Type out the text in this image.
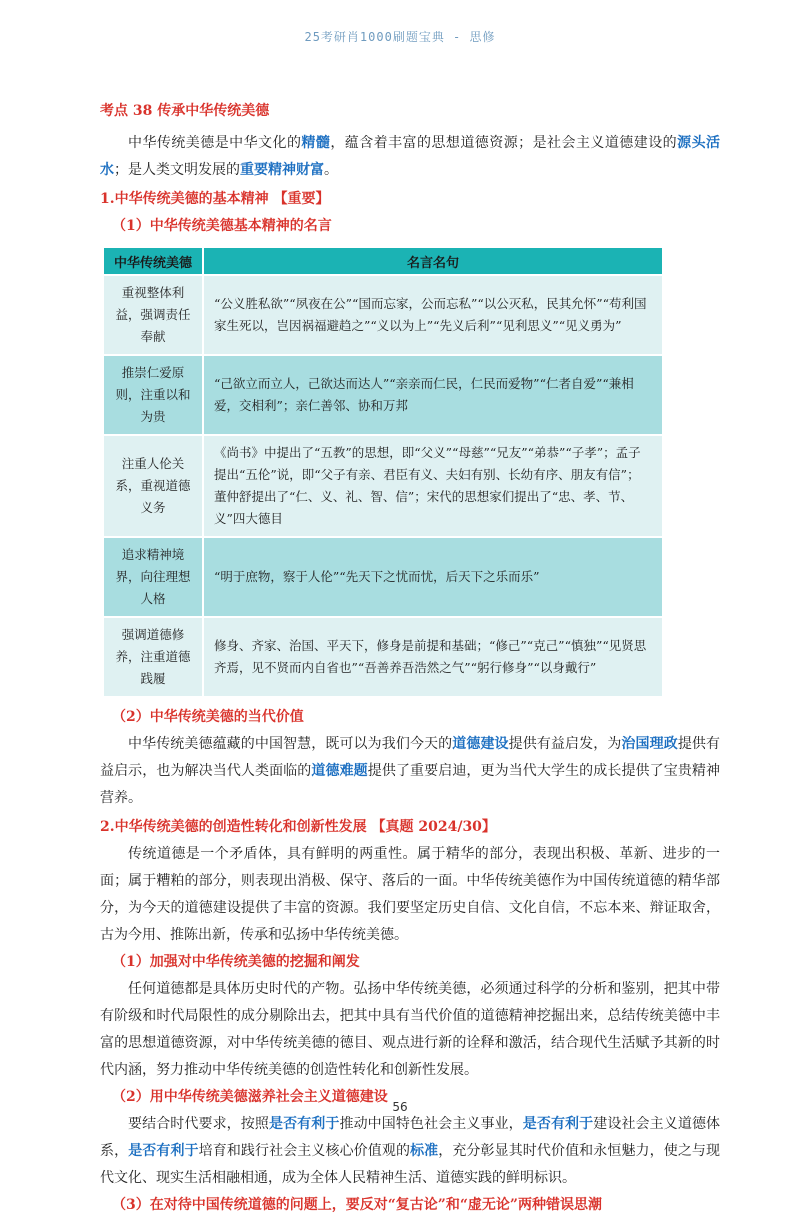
25考研肖1000刷题宝典 - 思修
考点 38 传承中华传统美德

中华传统美德是中华文化的精髓，蕴含着丰富的思想道德资源；是社会主义道德建设的源头活水；是人类文明发展的重要精神财富。

1.中华传统美德的基本精神 【重要】
（1）中华传统美德基本精神的名言
中华传统美德	名言名句
重视整体利益，强调责任奉献	“公义胜私欲”“夙夜在公”“国而忘家，公而忘私”“以公灭私，民其允怀”“苟利国家生死以，岂因祸福避趋之”“义以为上”“先义后利”“见利思义”“见义勇为”
推崇仁爱原则，注重以和为贵	“己欲立而立人，己欲达而达人”“亲亲而仁民，仁民而爱物”“仁者自爱”“兼相爱，交相利”；亲仁善邻、协和万邦
注重人伦关系，重视道德义务	《尚书》中提出了“五教”的思想，即“父义”“母慈”“兄友”“弟恭”“子孝”；孟子提出“五伦”说，即“父子有亲、君臣有义、夫妇有别、长幼有序、朋友有信”；董仲舒提出了“仁、义、礼、智、信”；宋代的思想家们提出了“忠、孝、节、义”四大德目
追求精神境界，向往理想人格	“明于庶物，察于人伦”“先天下之忧而忧，后天下之乐而乐”
强调道德修养，注重道德践履	修身、齐家、治国、平天下，修身是前提和基础；“修己”“克己”“慎独”“见贤思齐焉，见不贤而内自省也”“吾善养吾浩然之气”“躬行修身”“以身戴行”
（2）中华传统美德的当代价值

中华传统美德蕴藏的中国智慧，既可以为我们今天的道德建设提供有益启发，为治国理政提供有益启示，也为解决当代人类面临的道德难题提供了重要启迪，更为当代大学生的成长提供了宝贵精神营养。

2.中华传统美德的创造性转化和创新性发展 【真题 2024/30】

传统道德是一个矛盾体，具有鲜明的两重性。属于精华的部分，表现出积极、革新、进步的一面；属于糟粕的部分，则表现出消极、保守、落后的一面。中华传统美德作为中国传统道德的精华部分，为今天的道德建设提供了丰富的资源。我们要坚定历史自信、文化自信，不忘本来、辩证取舍，古为今用、推陈出新，传承和弘扬中华传统美德。

（1）加强对中华传统美德的挖掘和阐发

任何道德都是具体历史时代的产物。弘扬中华传统美德，必须通过科学的分析和鉴别，把其中带有阶级和时代局限性的成分剔除出去，把其中具有当代价值的道德精神挖掘出来，总结传统美德中丰富的思想道德资源，对中华传统美德的德目、观点进行新的诠释和激活，结合现代生活赋予其新的时代内涵，努力推动中华传统美德的创造性转化和创新性发展。

（2）用中华传统美德滋养社会主义道德建设

要结合时代要求，按照是否有利于推动中国特色社会主义事业，是否有利于建设社会主义道德体系，是否有利于培育和践行社会主义核心价值观的标准，充分彰显其时代价值和永恒魅力，使之与现代文化、现实生活相融相通，成为全体人民精神生活、道德实践的鲜明标识。

（3）在对待中国传统道德的问题上，要反对“复古论”和“虚无论”两种错误思潮
56
